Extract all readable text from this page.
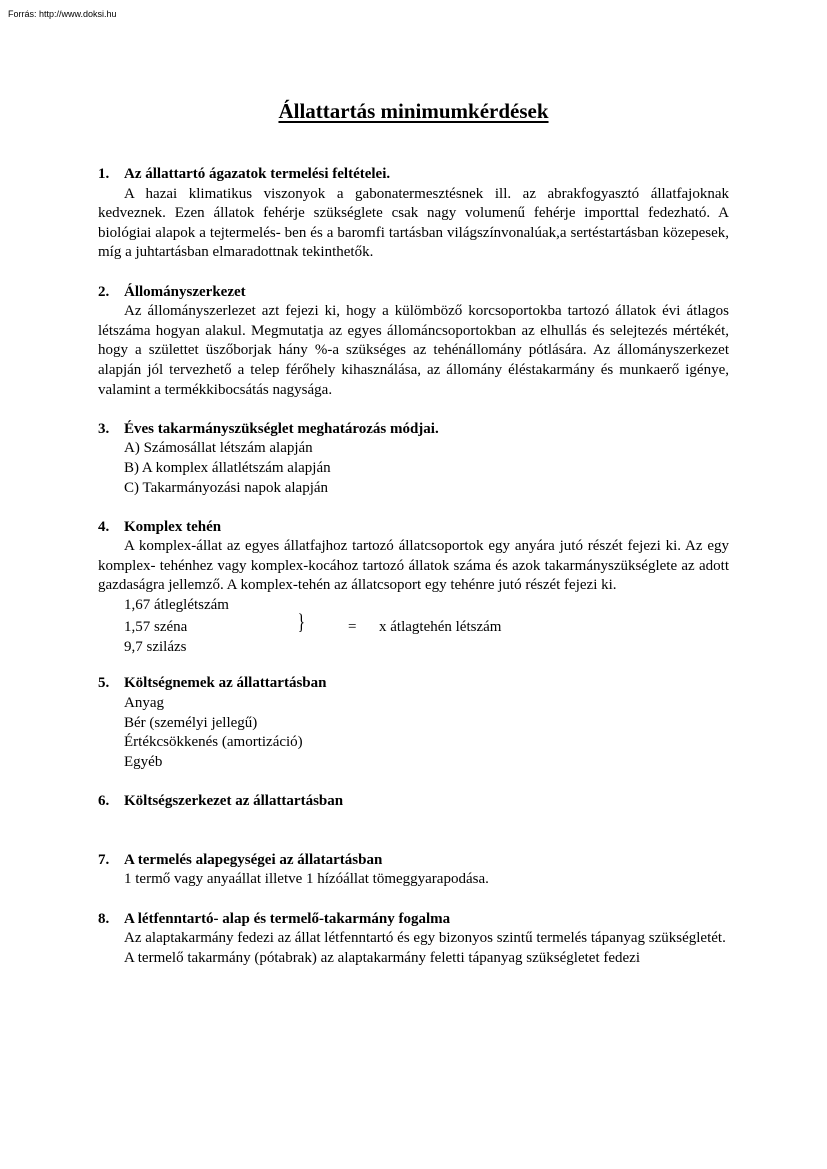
Forrás: http://www.doksi.hu
Állattartás minimumkérdések
1. Az állattartó ágazatok termelési feltételei.
A hazai klimatikus viszonyok a gabonatermesztésnek ill. az abrakfogyasztó állatfajoknak kedveznek. Ezen állatok fehérje szükséglete csak nagy volumenű fehérje importtal fedezható. A biológiai alapok a tejtermelés- ben és a baromfi tartásban világszínvonalúak,a sertéstartásban közepesek, míg a juhtartásban elmaradottnak tekinthetők.
2. Állományszerkezet
Az állományszerlezet azt fejezi ki, hogy a külömböző korcsoportokba tartozó állatok évi átlagos létszáma hogyan alakul. Megmutatja az egyes állománcsoportokban az elhullás és selejtezés mértékét, hogy a születtet üszőborjak hány %-a szükséges az tehénállomány pótlására. Az állományszerkezet alapján jól tervezhető a telep férőhely kihasználása, az állomány éléstakarmány és munkaerő igénye, valamint a termékkibocsátás nagysága.
3. Éves takarmányszükséglet meghatározás módjai.
A) Számosállat létszám alapján
B) A komplex állatlétszám alapján
C) Takarmányozási napok alapján
4. Komplex tehén
A komplex-állat az egyes állatfajhoz tartozó állatcsoportok egy anyára jutó részét fejezi ki. Az egy komplex- tehénhez vagy komplex-kocához tartozó állatok száma és azok takarmányszükséglete az adott gazdaságra jellemző. A komplex-tehén az állatcsoport egy tehénre jutó részét fejezi ki.
1,67 átleglétszám
1,57 széna
9,7 szilázs
}	= x átlagtehén létszám
5. Költségnemek az állattartásban
Anyag
Bér (személyi jellegű)
Értékcsökkenés (amortizáció)
Egyéb
6. Költségszerkezet az állattartásban
7. A termelés alapegységei az állatartásban
1 termő vagy anyaállat illetve 1 hízóállat tömeggyarapodása.
8. A létfenntartó- alap és termelő-takarmány fogalma
Az alaptakarmány fedezi az állat létfenntartó és egy bizonyos szintű termelés tápanyag szükségletét.
A termelő takarmány (pótabrak) az alaptakarmány feletti tápanyag szükségletet fedezi
